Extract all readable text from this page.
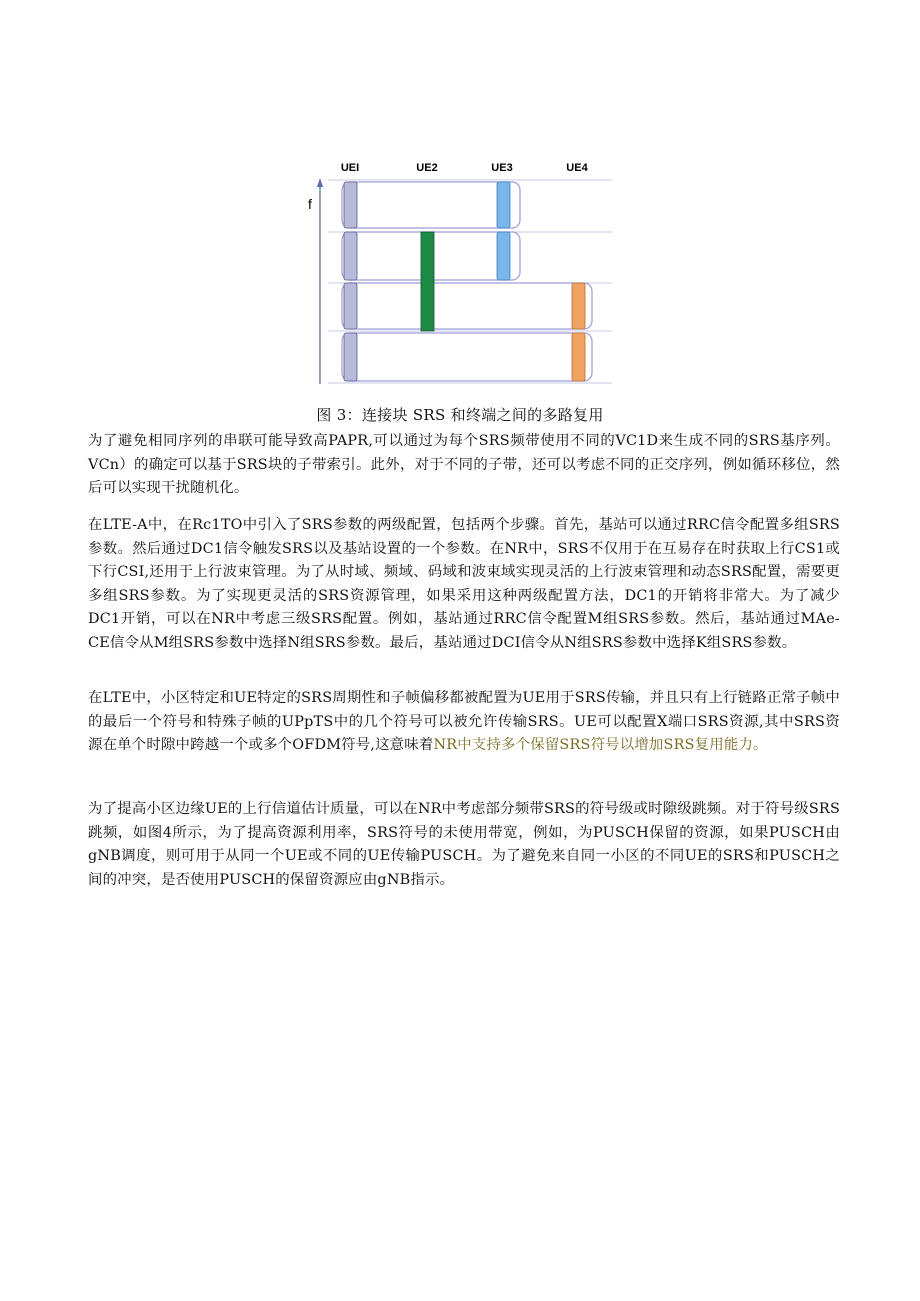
UEI	UE2	UE3	UE4
f
图 3：连接块 SRS 和终端之间的多路复用

为了避免相同序列的串联可能导致高PAPR,可以通过为每个SRS频带使用不同的VC1D来生成不同的SRS基序列。VCn）的确定可以基于SRS块的子带索引。此外，对于不同的子带，还可以考虑不同的正交序列，例如循环移位，然后可以实现干扰随机化。

在LTE-A中，在Rc1TO中引入了SRS参数的两级配置，包括两个步骤。首先，基站可以通过RRC信令配置多组SRS参数。然后通过DC1信令触发SRS以及基站设置的一个参数。在NR中，SRS不仅用于在互易存在时获取上行CS1或下行CSI,还用于上行波束管理。为了从时域、频域、码域和波束域实现灵活的上行波束管理和动态SRS配置，需要更多组SRS参数。为了实现更灵活的SRS资源管理，如果采用这种两级配置方法，DC1的开销将非常大。为了减少DC1开销，可以在NR中考虑三级SRS配置。例如，基站通过RRC信令配置M组SRS参数。然后，基站通过MAe-CE信令从M组SRS参数中选择N组SRS参数。最后，基站通过DCI信令从N组SRS参数中选择K组SRS参数。

在LTE中，小区特定和UE特定的SRS周期性和子帧偏移都被配置为UE用于SRS传输，并且只有上行链路正常子帧中的最后一个符号和特殊子帧的UPpTS中的几个符号可以被允许传输SRS。UE可以配置X端口SRS资源,其中SRS资源在单个时隙中跨越一个或多个OFDM符号,这意味着NR中支持多个保留SRS符号以增加SRS复用能力。

为了提高小区边缘UE的上行信道估计质量，可以在NR中考虑部分频带SRS的符号级或时隙级跳频。对于符号级SRS跳频，如图4所示，为了提高资源利用率，SRS符号的未使用带宽，例如，为PUSCH保留的资源，如果PUSCH由gNB调度，则可用于从同一个UE或不同的UE传输PUSCH。为了避免来自同一小区的不同UE的SRS和PUSCH之间的冲突，是否使用PUSCH的保留资源应由gNB指示。
